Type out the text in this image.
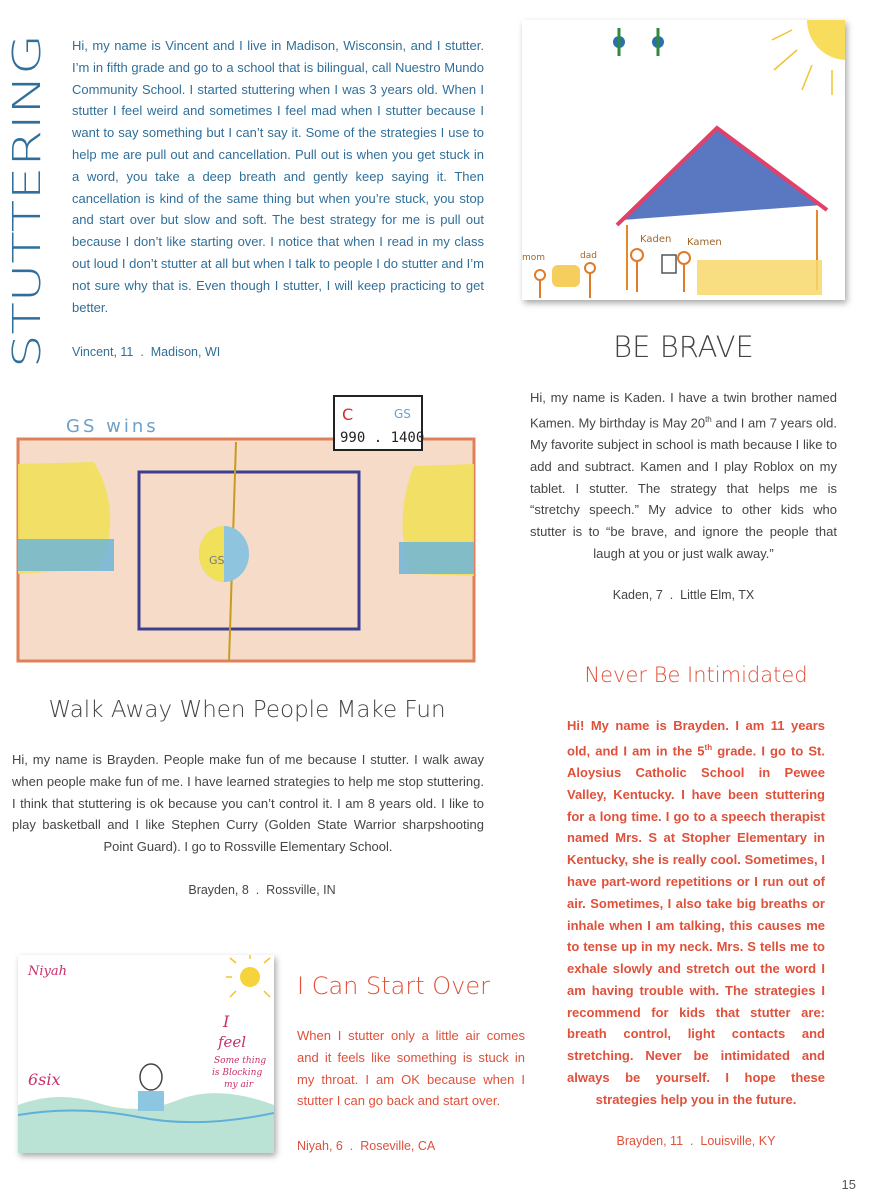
STUTTERING
Hi, my name is Vincent and I live in Madison, Wisconsin, and I stutter. I’m in fifth grade and go to a school that is bilingual, call Nuestro Mundo Community School. I started stuttering when I was 3 years old. When I stutter I feel weird and sometimes I feel mad when I stutter because I want to say something but I can’t say it. Some of the strategies I use to help me are pull out and cancellation. Pull out is when you get stuck in a word, you take a deep breath and gently keep saying it. Then cancellation is kind of the same thing but when you’re stuck, you stop and start over but slow and soft. The best strategy for me is pull out because I don’t like starting over. I notice that when I read in my class out loud I don’t stutter at all but when I talk to people I do stutter and I’m not sure why that is. Even though I stutter, I will keep practicing to get better.
Vincent, 11  .  Madison, WI
mom	dad
Kaden Kamen
BE BRAVE
Hi, my name is Kaden. I have a twin brother named Kamen. My birthday is May 20th and I am 7 years old. My favorite subject in school is math because I like to add and subtract. Kamen and I play Roblox on my tablet. I stutter. The strategy that helps me is “stretchy speech.” My advice to other kids who stutter is to “be brave, and ignore the people that laugh at you or just walk away.”
Kaden, 7  .  Little Elm, TX
GS wins
C	GS
990 . 1400
GS
Walk Away When People Make Fun
Hi, my name is Brayden. People make fun of me because I stutter. I walk away when people make fun of me. I have learned strategies to help me stop stuttering. I think that stuttering is ok because you can’t control it. I am 8 years old. I like to play basketball and I like Stephen Curry (Golden State Warrior sharpshooting Point Guard). I go to Rossville Elementary School.
Brayden, 8  .  Rossville, IN
Never Be Intimidated
Hi! My name is Brayden. I am 11 years old, and I am in the 5th grade. I go to St. Aloysius Catholic School in Pewee Valley, Kentucky. I have been stuttering for a long time. I go to a speech therapist named Mrs. S at Stopher Elementary in Kentucky, she is really cool. Sometimes, I have part-word repetitions or I run out of air. Sometimes, I also take big breaths or inhale when I am talking, this causes me to tense up in my neck. Mrs. S tells me to exhale slowly and stretch out the word I am having trouble with. The strategies I recommend for kids that stutter are: breath control, light contacts and stretching. Never be intimidated and always be yourself. I hope these strategies help you in the future.
Brayden, 11  .  Louisville, KY
Niyah
I
feel
Some thing
is Blocking
my air
6six
I Can Start Over
When I stutter only a little air comes and it feels like something is stuck in my throat. I am OK because when I stutter I can go back and start over.
Niyah, 6  .  Roseville, CA
15
